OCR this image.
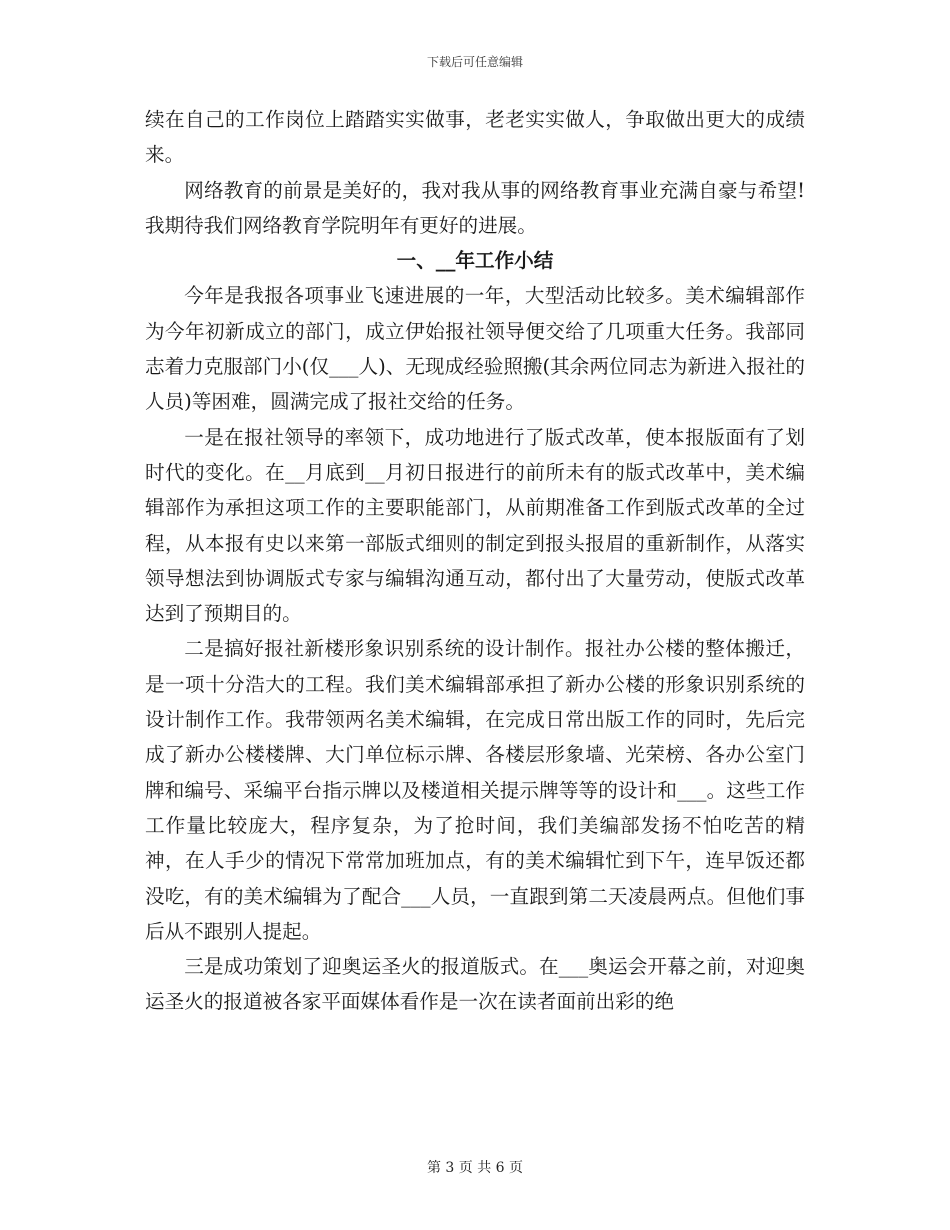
下载后可任意编辑

续在自己的工作岗位上踏踏实实做事，老老实实做人，争取做出更大的成绩来。

网络教育的前景是美好的，我对我从事的网络教育事业充满自豪与希望!我期待我们网络教育学院明年有更好的进展。

一、__年工作小结

今年是我报各项事业飞速进展的一年，大型活动比较多。美术编辑部作为今年初新成立的部门，成立伊始报社领导便交给了几项重大任务。我部同志着力克服部门小(仅___人)、无现成经验照搬(其余两位同志为新进入报社的人员)等困难，圆满完成了报社交给的任务。

一是在报社领导的率领下，成功地进行了版式改革，使本报版面有了划时代的变化。在__月底到__月初日报进行的前所未有的版式改革中，美术编辑部作为承担这项工作的主要职能部门，从前期准备工作到版式改革的全过程，从本报有史以来第一部版式细则的制定到报头报眉的重新制作，从落实领导想法到协调版式专家与编辑沟通互动，都付出了大量劳动，使版式改革达到了预期目的。

二是搞好报社新楼形象识别系统的设计制作。报社办公楼的整体搬迁，是一项十分浩大的工程。我们美术编辑部承担了新办公楼的形象识别系统的设计制作工作。我带领两名美术编辑，在完成日常出版工作的同时，先后完成了新办公楼楼牌、大门单位标示牌、各楼层形象墙、光荣榜、各办公室门牌和编号、采编平台指示牌以及楼道相关提示牌等等的设计和___。这些工作工作量比较庞大，程序复杂，为了抢时间，我们美编部发扬不怕吃苦的精神，在人手少的情况下常常加班加点，有的美术编辑忙到下午，连早饭还都没吃，有的美术编辑为了配合___人员，一直跟到第二天凌晨两点。但他们事后从不跟别人提起。

三是成功策划了迎奥运圣火的报道版式。在___奥运会开幕之前，对迎奥运圣火的报道被各家平面媒体看作是一次在读者面前出彩的绝

第 3 页 共 6 页
